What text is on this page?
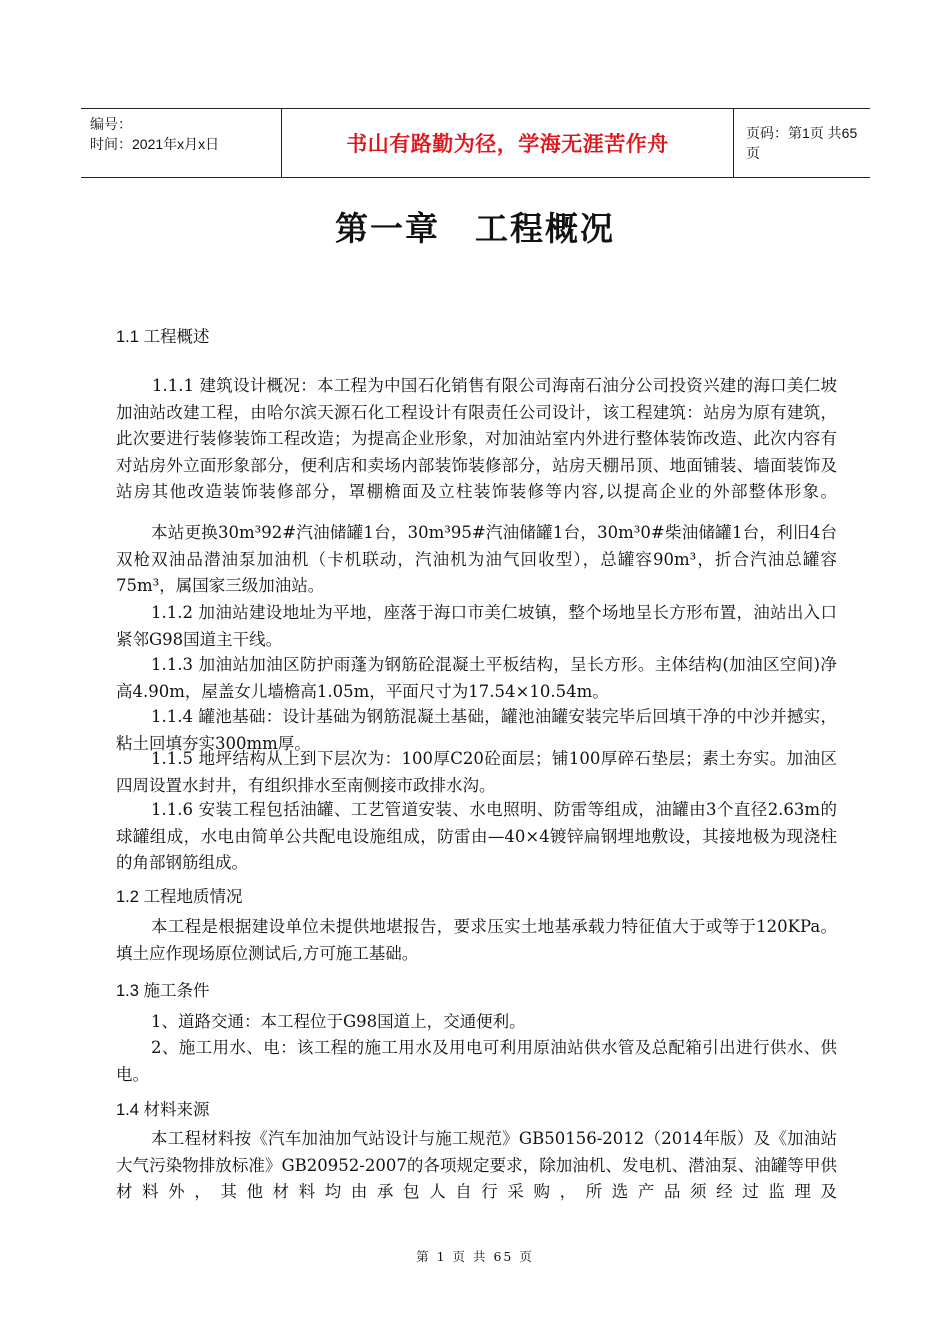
编号：
时间：2021年x月x日	书山有路勤为径，学海无涯苦作舟	页码：第1页 共65页
第一章　工程概况
1.1 工程概述

1.1.1 建筑设计概况：本工程为中国石化销售有限公司海南石油分公司投资兴建的海口美仁坡加油站改建工程，由哈尔滨天源石化工程设计有限责任公司设计，该工程建筑：站房为原有建筑，此次要进行装修装饰工程改造；为提高企业形象，对加油站室内外进行整体装饰改造、此次内容有对站房外立面形象部分，便利店和卖场内部装饰装修部分，站房天棚吊顶、地面铺装、墙面装饰及站房其他改造装饰装修部分，罩棚檐面及立柱装饰装修等内容,以提高企业的外部整体形象。

本站更换30m³92#汽油储罐1台，30m³95#汽油储罐1台，30m³0#柴油储罐1台，利旧4台双枪双油品潜油泵加油机（卡机联动，汽油机为油气回收型），总罐容90m³，折合汽油总罐容75m³，属国家三级加油站。

1.1.2 加油站建设地址为平地，座落于海口市美仁坡镇，整个场地呈长方形布置，油站出入口紧邻G98国道主干线。

1.1.3 加油站加油区防护雨蓬为钢筋砼混凝土平板结构，呈长方形。主体结构(加油区空间)净高4.90m，屋盖女儿墙檐高1.05m，平面尺寸为17.54×10.54m。

1.1.4 罐池基础：设计基础为钢筋混凝土基础，罐池油罐安装完毕后回填干净的中沙并撼实，粘土回填夯实300mm厚。

1.1.5 地坪结构从上到下层次为：100厚C20砼面层；铺100厚碎石垫层；素土夯实。加油区四周设置水封井，有组织排水至南侧接市政排水沟。

1.1.6 安装工程包括油罐、工艺管道安装、水电照明、防雷等组成，油罐由3个直径2.63m的球罐组成，水电由简单公共配电设施组成，防雷由—40×4镀锌扁钢埋地敷设，其接地极为现浇柱的角部钢筋组成。

1.2 工程地质情况

本工程是根据建设单位未提供地堪报告，要求压实土地基承载力特征值大于或等于120KPa。填土应作现场原位测试后,方可施工基础。

1.3 施工条件

1、道路交通：本工程位于G98国道上，交通便利。

2、施工用水、电：该工程的施工用水及用电可利用原油站供水管及总配箱引出进行供水、供电。

1.4 材料来源

本工程材料按《汽车加油加气站设计与施工规范》GB50156-2012（2014年版）及《加油站大气污染物排放标准》GB20952-2007的各项规定要求，除加油机、发电机、潜油泵、油罐等甲供材料外，其他材料均由承包人自行采购，所选产品须经过监理及

第 1 页 共 65 页
